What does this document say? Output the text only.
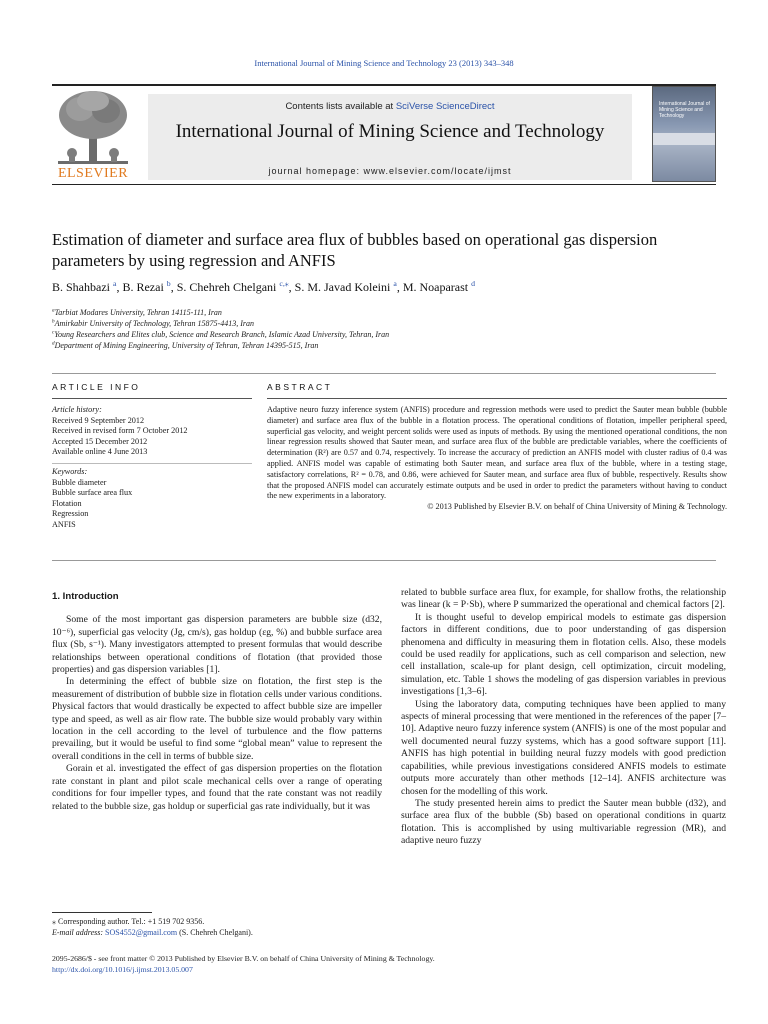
International Journal of Mining Science and Technology 23 (2013) 343–348
ELSEVIER
Contents lists available at SciVerse ScienceDirect
International Journal of Mining Science and Technology
journal homepage: www.elsevier.com/locate/ijmst
International Journal of Mining Science and Technology
Estimation of diameter and surface area flux of bubbles based on operational gas dispersion parameters by using regression and ANFIS
B. Shahbazi $^a$, B. Rezai $^b$, S. Chehreh Chelgani $^{c,⁎}$, S. M. Javad Koleini $^a$, M. Noaparast $^d$
$^a$Tarbiat Modares University, Tehran 14115-111, Iran
$^b$Amirkabir University of Technology, Tehran 15875-4413, Iran
$^c$Young Researchers and Elites club, Science and Research Branch, Islamic Azad University, Tehran, Iran
$^d$Department of Mining Engineering, University of Tehran, Tehran 14395-515, Iran
ARTICLE INFO	ABSTRACT
Article history:
Received 9 September 2012
Received in revised form 7 October 2012
Accepted 15 December 2012
Available online 4 June 2013
Keywords:
Bubble diameter
Bubble surface area flux
Flotation
Regression
ANFIS
Adaptive neuro fuzzy inference system (ANFIS) procedure and regression methods were used to predict the Sauter mean bubble (bubble diameter) and surface area flux of the bubble in a flotation process. The operational conditions of flotation, impeller peripheral speed, superficial gas velocity, and weight percent solids were used as inputs of methods. By using the mentioned operational conditions, the non linear regression results showed that Sauter mean, and surface area flux of the bubble are predictable variables, where the coefficients of determination (R²) are 0.57 and 0.74, respectively. To increase the accuracy of prediction an ANFIS model with cluster radius of 0.4 was applied. ANFIS model was capable of estimating both Sauter mean, and surface area flux of the bubble, where in a testing stage, satisfactory correlations, R² = 0.78, and 0.86, were achieved for Sauter mean, and surface area flux of bubble, respectively. Results show that the proposed ANFIS model can accurately estimate outputs and be used in order to predict the parameters without having to conduct the new experiments in a laboratory.
© 2013 Published by Elsevier B.V. on behalf of China University of Mining & Technology.
1. Introduction

Some of the most important gas dispersion parameters are bubble size (d32, 10⁻⁶), superficial gas velocity (Jg, cm/s), gas holdup (εg, %) and bubble surface area flux (Sb, s⁻¹). Many investigators attempted to present formulas that would describe relationships between operational conditions of flotation (that provided those properties) and gas dispersion variables [1].

In determining the effect of bubble size on flotation, the first step is the measurement of distribution of bubble size in flotation cells under various conditions. Physical factors that would drastically be expected to affect bubble size are impeller type and speed, as well as air flow rate. The bubble size would probably vary within location in the cell according to the level of turbulence and the flow patterns prevailing, but it would be useful to find some “global mean” value to represent the overall conditions in the cell in terms of bubble size.

Gorain et al. investigated the effect of gas dispersion properties on the flotation rate constant in plant and pilot scale mechanical cells over a range of operating conditions for four impeller types, and found that the rate constant was not readily related to the bubble size, gas holdup or superficial gas rate individually, but it was

related to bubble surface area flux, for example, for shallow froths, the relationship was linear (k = P·Sb), where P summarized the operational and chemical factors [2].

It is thought useful to develop empirical models to estimate gas dispersion factors in different conditions, due to poor understanding of gas dispersion phenomena and difficulty in measuring them in flotation cells. Also, these models could be used readily for applications, such as cell comparison and selection, new cell installation, scale-up for plant design, cell optimization, circuit modeling, simulation, etc. Table 1 shows the modeling of gas dispersion variables in previous investigations [1,3–6].

Using the laboratory data, computing techniques have been applied to many aspects of mineral processing that were mentioned in the references of the paper [7–10]. Adaptive neuro fuzzy inference system (ANFIS) is one of the most popular and well documented neural fuzzy systems, which has a good software support [11]. ANFIS has high potential in building neural fuzzy models with good prediction capabilities, while previous investigations considered ANFIS models to estimate outputs more accurately than other methods [12–14]. ANFIS architecture was chosen for the modelling of this work.

The study presented herein aims to predict the Sauter mean bubble (d32), and surface area flux of the bubble (Sb) based on operational conditions in quartz flotation. This is accomplished by using multivariable regression (MR), and adaptive neuro fuzzy

⁎ Corresponding author. Tel.: +1 519 702 9356.
E-mail address: SOS4552@gmail.com (S. Chehreh Chelgani).
2095-2686/$ - see front matter © 2013 Published by Elsevier B.V. on behalf of China University of Mining & Technology.
http://dx.doi.org/10.1016/j.ijmst.2013.05.007
